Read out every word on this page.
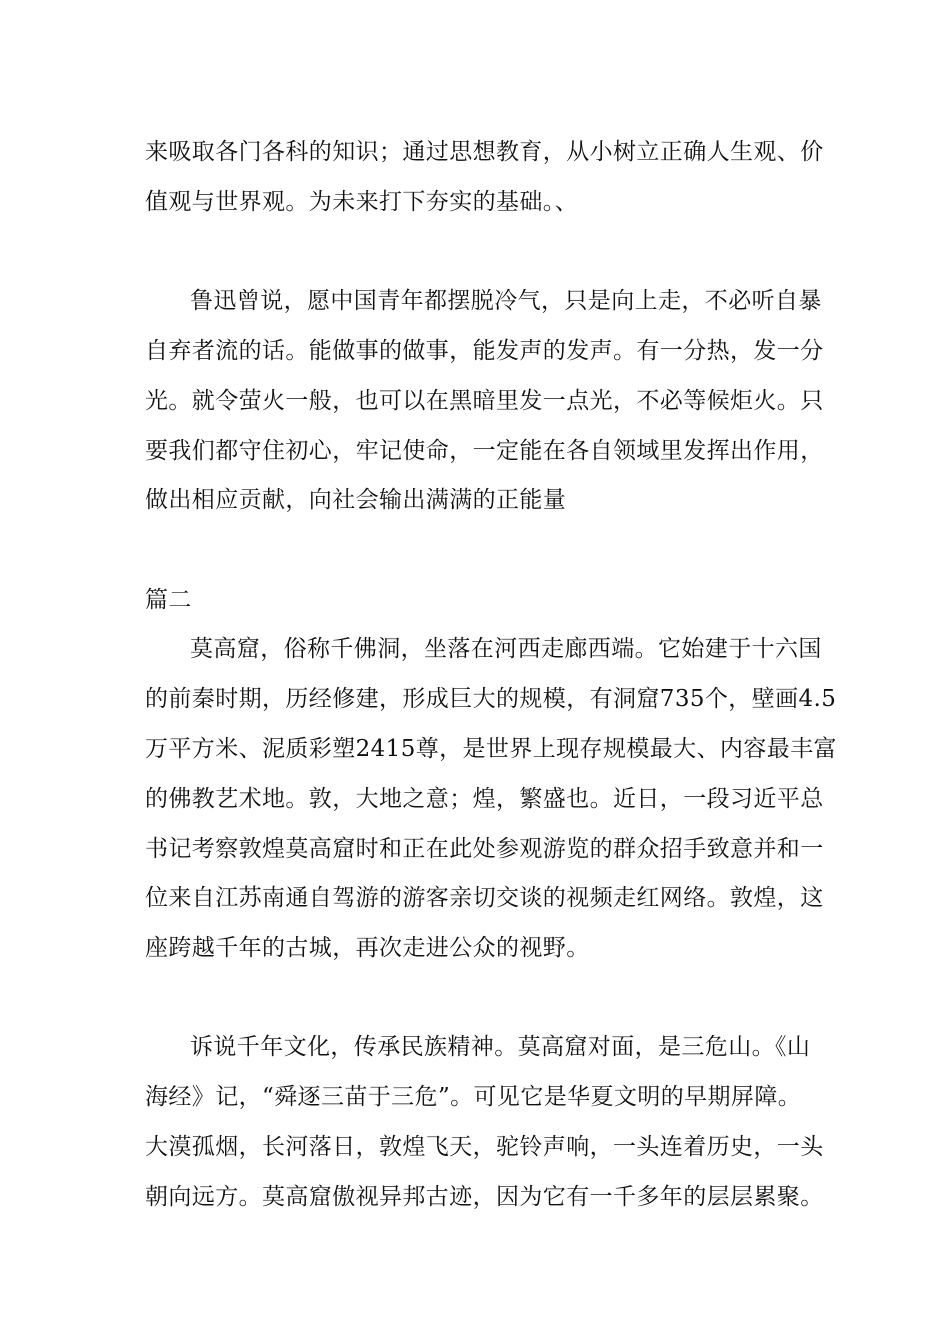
来吸取各门各科的知识；通过思想教育，从小树立正确人生观、价
值观与世界观。为未来打下夯实的基础。、
鲁迅曾说，愿中国青年都摆脱冷气，只是向上走，不必听自暴
自弃者流的话。能做事的做事，能发声的发声。有一分热，发一分
光。就令萤火一般，也可以在黑暗里发一点光，不必等候炬火。只
要我们都守住初心，牢记使命，一定能在各自领域里发挥出作用，
做出相应贡献，向社会输出满满的正能量
篇二
莫高窟，俗称千佛洞，坐落在河西走廊西端。它始建于十六国
的前秦时期，历经修建，形成巨大的规模，有洞窟735个，壁画4.5
万平方米、泥质彩塑2415尊，是世界上现存规模最大、内容最丰富
的佛教艺术地。敦，大地之意；煌，繁盛也。近日，一段习近平总
书记考察敦煌莫高窟时和正在此处参观游览的群众招手致意并和一
位来自江苏南通自驾游的游客亲切交谈的视频走红网络。敦煌，这
座跨越千年的古城，再次走进公众的视野。
诉说千年文化，传承民族精神。莫高窟对面，是三危山。《山
海经》记，“舜逐三苗于三危”。可见它是华夏文明的早期屏障。
大漠孤烟，长河落日，敦煌飞天，驼铃声响，一头连着历史，一头
朝向远方。莫高窟傲视异邦古迹，因为它有一千多年的层层累聚。
